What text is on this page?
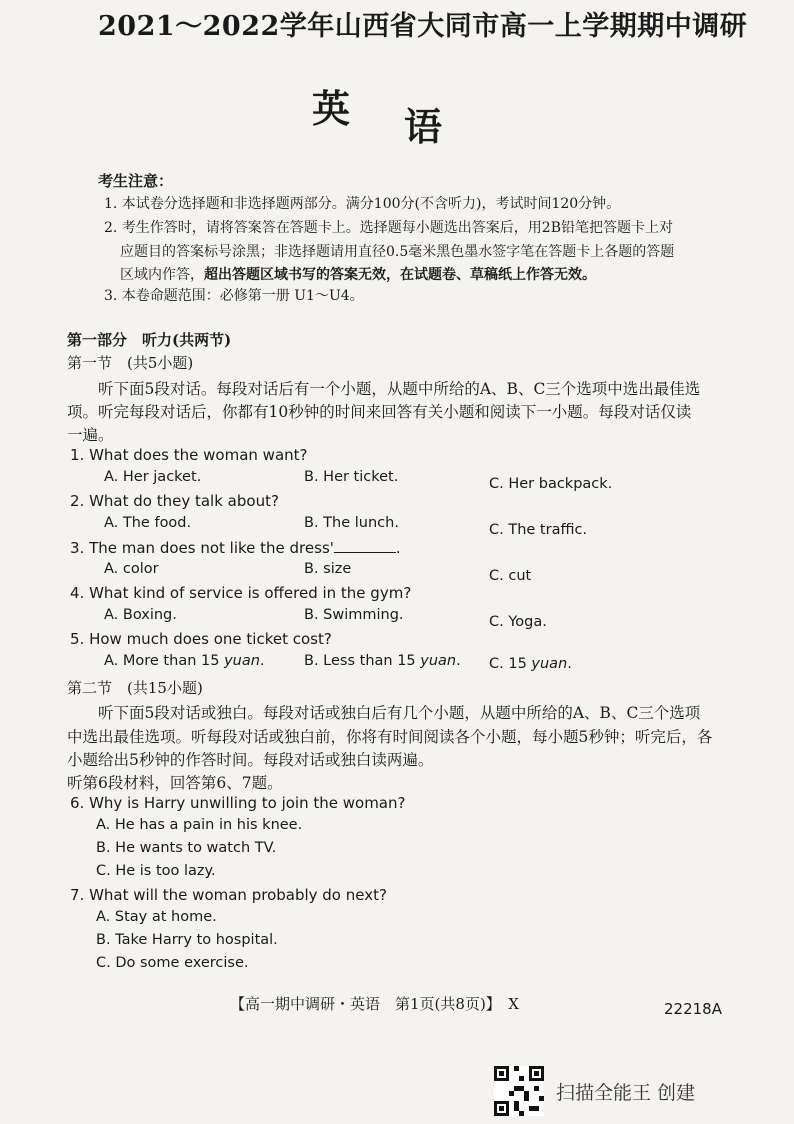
2021～2022学年山西省大同市高一上学期期中调研
英 语
考生注意：
1. 本试卷分选择题和非选择题两部分。满分100分(不含听力)，考试时间120分钟。
2. 考生作答时，请将答案答在答题卡上。选择题每小题选出答案后，用2B铅笔把答题卡上对
应题目的答案标号涂黑；非选择题请用直径0.5毫米黑色墨水签字笔在答题卡上各题的答题
区域内作答，超出答题区域书写的答案无效，在试题卷、草稿纸上作答无效。
3. 本卷命题范围：必修第一册 U1～U4。
第一部分　听力(共两节)
第一节　(共5小题)
听下面5段对话。每段对话后有一个小题，从题中所给的A、B、C三个选项中选出最佳选
项。听完每段对话后，你都有10秒钟的时间来回答有关小题和阅读下一小题。每段对话仅读
一遍。
1. What does the woman want?
A. Her jacket.	B. Her ticket.	C. Her backpack.
2. What do they talk about?
A. The food.	B. The lunch.	C. The traffic.
3. The man does not like the dress'	.
A. color	B. size	C. cut
4. What kind of service is offered in the gym?
A. Boxing.	B. Swimming.	C. Yoga.
5. How much does one ticket cost?
A. More than 15 yuan.	B. Less than 15 yuan. C. 15 yuan.
第二节　(共15小题)
听下面5段对话或独白。每段对话或独白后有几个小题，从题中所给的A、B、C三个选项
中选出最佳选项。听每段对话或独白前，你将有时间阅读各个小题，每小题5秒钟；听完后，各
小题给出5秒钟的作答时间。每段对话或独白读两遍。
听第6段材料，回答第6、7题。
6. Why is Harry unwilling to join the woman?
A. He has a pain in his knee.
B. He wants to watch TV.
C. He is too lazy.
7. What will the woman probably do next?
A. Stay at home.
B. Take Harry to hospital.
C. Do some exercise.
【高一期中调研・英语　第1页(共8页)】　X	22218A
扫描全能王 创建
